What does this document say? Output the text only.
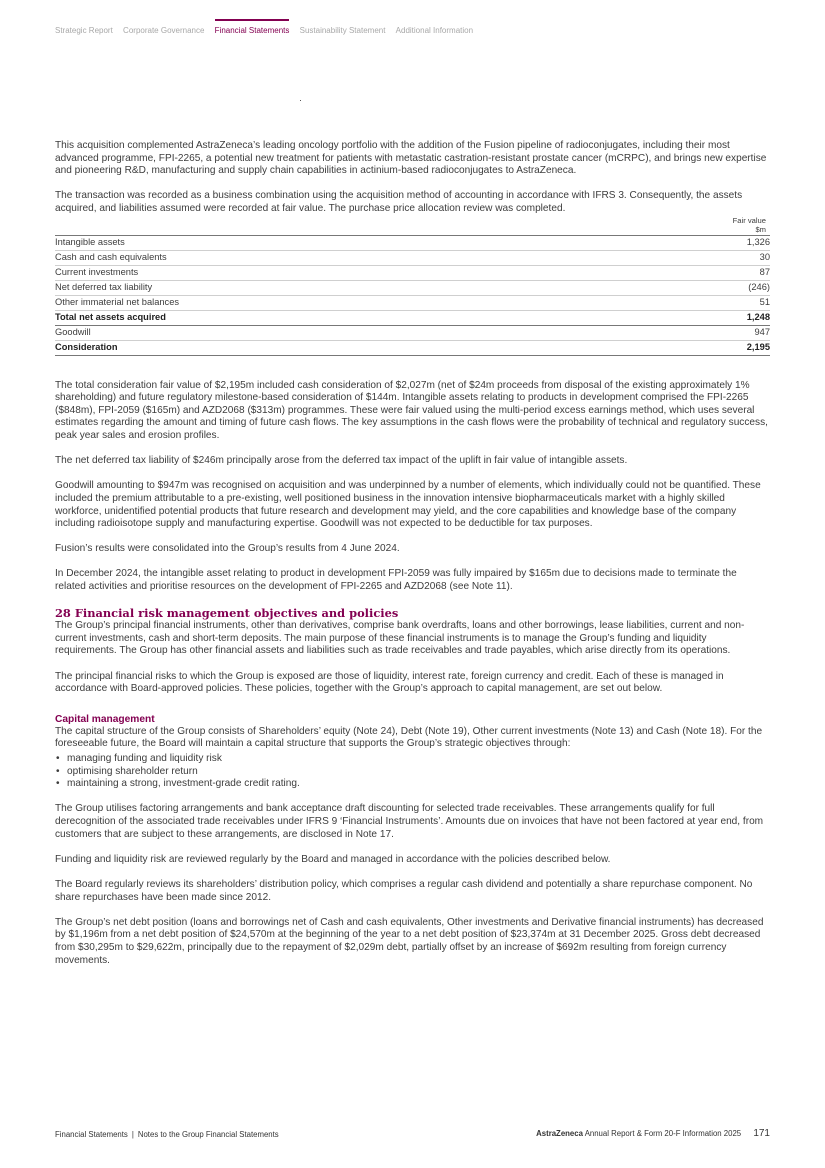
Strategic Report Corporate Governance Financial Statements Sustainability Statement Additional Information

This acquisition complemented AstraZeneca’s leading oncology portfolio with the addition of the Fusion pipeline of radioconjugates, including their most advanced programme, FPI-2265, a potential new treatment for patients with metastatic castration-resistant prostate cancer (mCRPC), and brings new expertise and pioneering R&D, manufacturing and supply chain capabilities in actinium-based radioconjugates to AstraZeneca.

The transaction was recorded as a business combination using the acquisition method of accounting in accordance with IFRS 3. Consequently, the assets acquired, and liabilities assumed were recorded at fair value. The purchase price allocation review was completed.

Fair value
$m	

Intangible assets	1,326
Cash and cash equivalents	30
Current investments	87
Net deferred tax liability	(246)
Other immaterial net balances	51
Total net assets acquired	1,248
Goodwill	947
Consideration	2,195

The total consideration fair value of $2,195m included cash consideration of $2,027m (net of $24m proceeds from disposal of the existing approximately 1% shareholding) and future regulatory milestone-based consideration of $144m. Intangible assets relating to products in development comprised the FPI-2265 ($848m), FPI-2059 ($165m) and AZD2068 ($313m) programmes. These were fair valued using the multi-period excess earnings method, which uses several estimates regarding the amount and timing of future cash flows. The key assumptions in the cash flows were the probability of technical and regulatory success, peak year sales and erosion profiles.

The net deferred tax liability of $246m principally arose from the deferred tax impact of the uplift in fair value of intangible assets.

Goodwill amounting to $947m was recognised on acquisition and was underpinned by a number of elements, which individually could not be quantified. These included the premium attributable to a pre-existing, well positioned business in the innovation intensive biopharmaceuticals market with a highly skilled workforce, unidentified potential products that future research and development may yield, and the core capabilities and knowledge base of the company including radioisotope supply and manufacturing expertise. Goodwill was not expected to be deductible for tax purposes.

Fusion’s results were consolidated into the Group’s results from 4 June 2024.

In December 2024, the intangible asset relating to product in development FPI-2059 was fully impaired by $165m due to decisions made to terminate the related activities and prioritise resources on the development of FPI-2265 and AZD2068 (see Note 11).

28 Financial risk management objectives and policies

The Group’s principal financial instruments, other than derivatives, comprise bank overdrafts, loans and other borrowings, lease liabilities, current and non-current investments, cash and short-term deposits. The main purpose of these financial instruments is to manage the Group’s funding and liquidity requirements. The Group has other financial assets and liabilities such as trade receivables and trade payables, which arise directly from its operations.

The principal financial risks to which the Group is exposed are those of liquidity, interest rate, foreign currency and credit. Each of these is managed in accordance with Board-approved policies. These policies, together with the Group’s approach to capital management, are set out below.

Capital management

The capital structure of the Group consists of Shareholders’ equity (Note 24), Debt (Note 19), Other current investments (Note 13) and Cash (Note 18). For the foreseeable future, the Board will maintain a capital structure that supports the Group’s strategic objectives through:

• managing funding and liquidity risk
• optimising shareholder return
• maintaining a strong, investment-grade credit rating.

The Group utilises factoring arrangements and bank acceptance draft discounting for selected trade receivables. These arrangements qualify for full derecognition of the associated trade receivables under IFRS 9 ‘Financial Instruments’. Amounts due on invoices that have not been factored at year end, from customers that are subject to these arrangements, are disclosed in Note 17.

Funding and liquidity risk are reviewed regularly by the Board and managed in accordance with the policies described below.

The Board regularly reviews its shareholders’ distribution policy, which comprises a regular cash dividend and potentially a share repurchase component. No share repurchases have been made since 2012.

The Group’s net debt position (loans and borrowings net of Cash and cash equivalents, Other investments and Derivative financial instruments) has decreased by $1,196m from a net debt position of $24,570m at the beginning of the year to a net debt position of $23,374m at 31 December 2025. Gross debt decreased from $30,295m to $29,622m, principally due to the repayment of $2,029m debt, partially offset by an increase of $692m resulting from foreign currency movements.

Financial Statements | Notes to the Group Financial Statements	AstraZeneca Annual Report & Form 20-F Information 2025 171
